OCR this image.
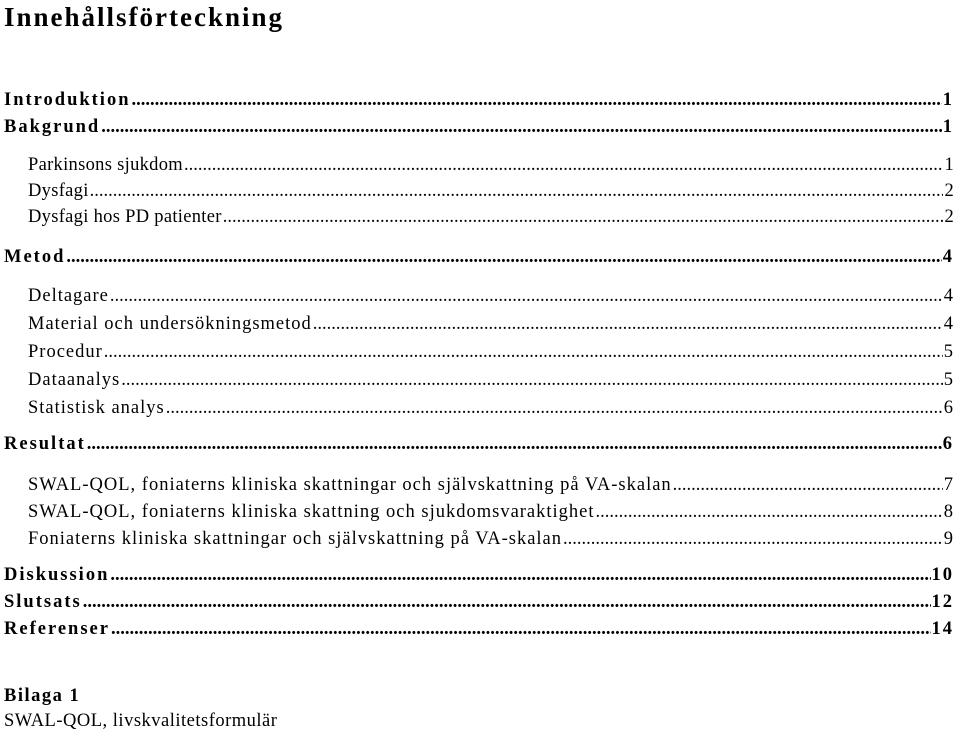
Innehållsförteckning
Introduktion .....	1
Bakgrund .....	1
Parkinsons sjukdom .....	1
Dysfagi .....	2
Dysfagi hos PD patienter .....	2
Metod .....	4
Deltagare .....	4
Material och undersökningsmetod .....	4
Procedur .....	5
Dataanalys .....	5
Statistisk analys .....	6
Resultat .....	6
SWAL-QOL, foniaterns kliniska skattningar och självskattning på VA-skalan .....	7
SWAL-QOL, foniaterns kliniska skattning och sjukdomsvaraktighet .....	8
Foniaterns kliniska skattningar och självskattning på VA-skalan .....	9
Diskussion .....	10
Slutsats .....	12
Referenser .....	14
Bilaga 1
SWAL-QOL, livskvalitetsformulär
